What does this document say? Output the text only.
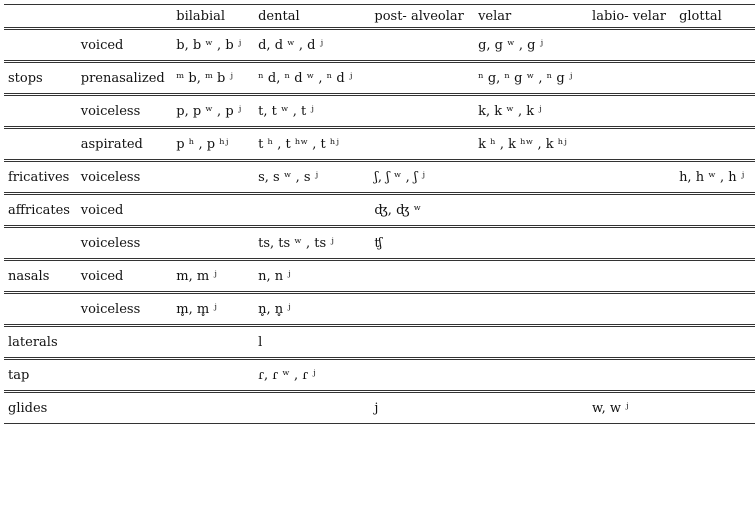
		bilabial	dental	post- alveolar	velar	labio- velar	glottal
	voiced	b, b ʷ , b ʲ	d, d ʷ , d ʲ		g, g ʷ , g ʲ		
stops	prenasalized	ᵐ b, ᵐ b ʲ	ⁿ d, ⁿ d ʷ , ⁿ d ʲ		ⁿ g, ⁿ g ʷ , ⁿ g ʲ		
	voiceless	p, p ʷ , p ʲ	t, t ʷ , t ʲ		k, k ʷ , k ʲ		
	aspirated	p ʰ , p ʰʲ	t ʰ , t ʰʷ , t ʰʲ		k ʰ , k ʰʷ , k ʰʲ		
fricatives	voiceless		s, s ʷ , s ʲ	ʃ, ʃ ʷ , ʃ ʲ			h, h ʷ , h ʲ
affricates	voiced			ʤ, ʤ ʷ			
	voiceless		ts, ts ʷ , ts ʲ	ʧ			
nasals	voiced	m, m ʲ	n, n ʲ				
	voiceless	m̥, m̥ ʲ	n̥, n̥ ʲ				
laterals			l				
tap			ɾ, ɾ ʷ , ɾ ʲ				
glides				j		w, w ʲ	
